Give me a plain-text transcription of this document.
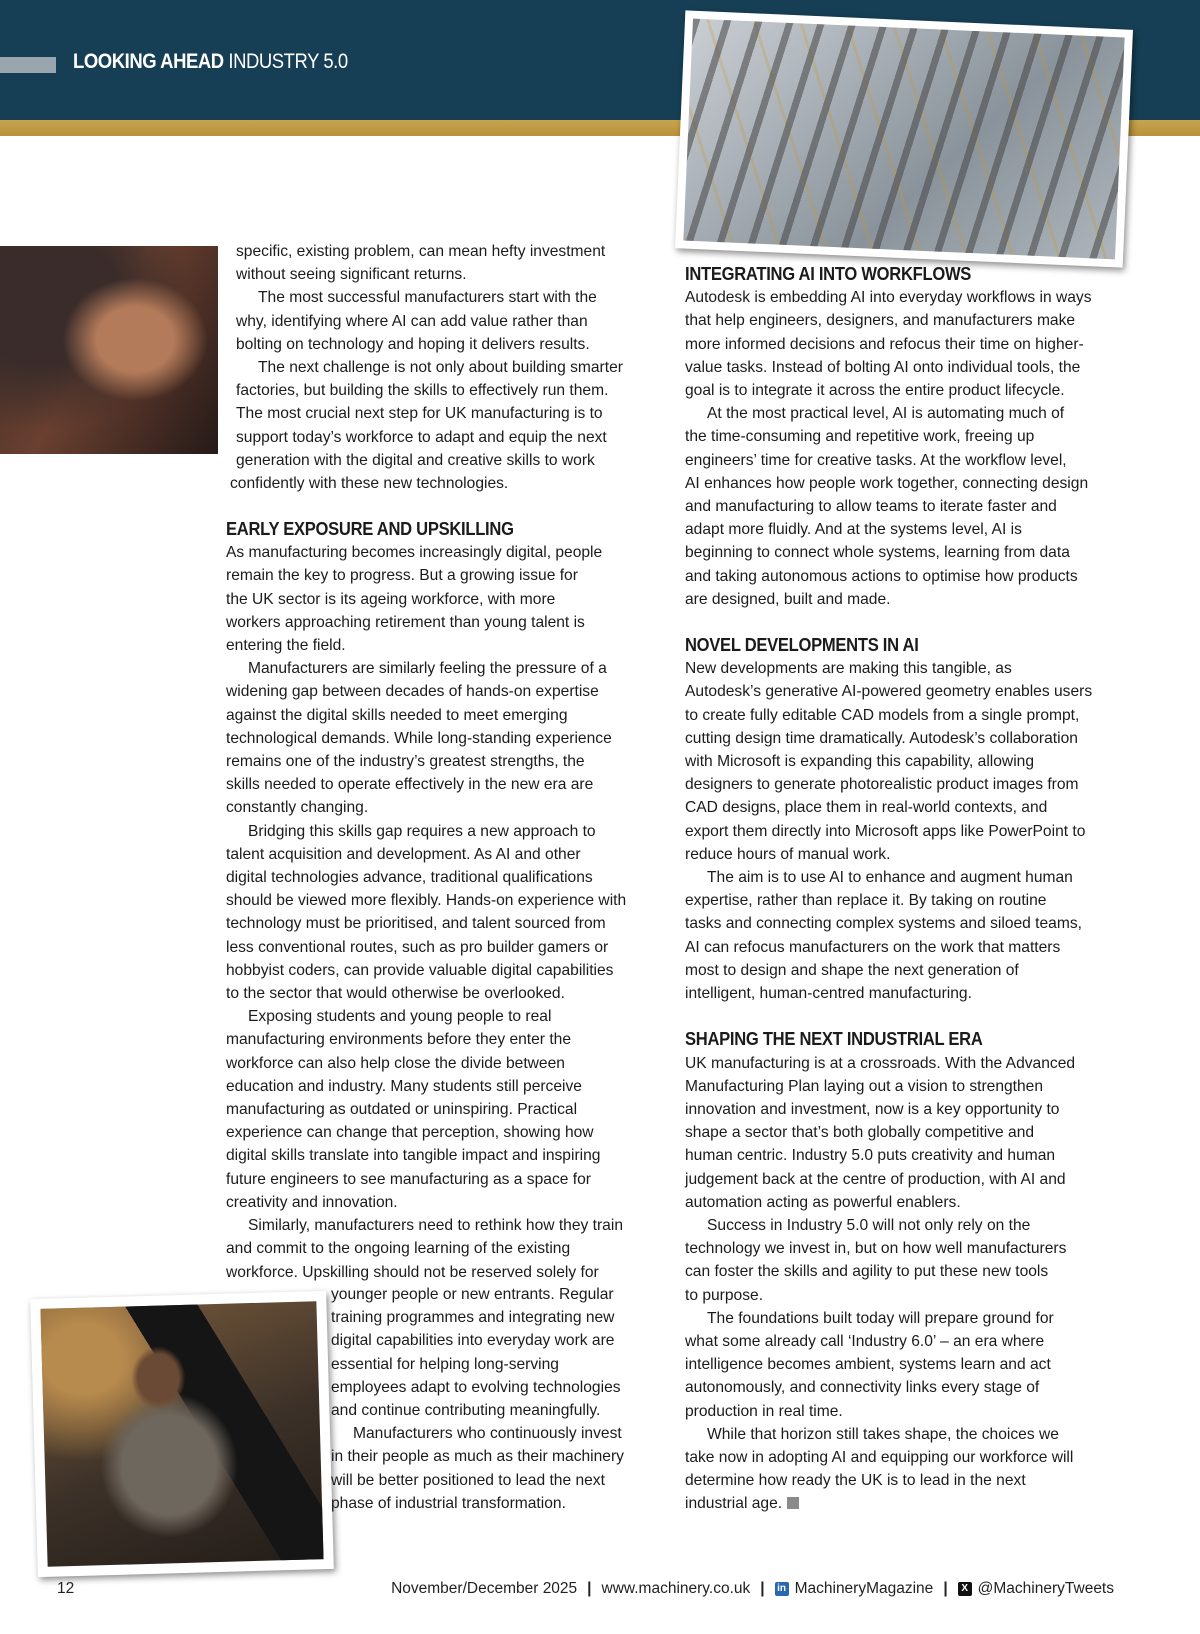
LOOKING AHEAD INDUSTRY 5.0

specific, existing problem, can mean hefty investment

without seeing significant returns.

The most successful manufacturers start with the

why, identifying where AI can add value rather than

bolting on technology and hoping it delivers results.

The next challenge is not only about building smarter

factories, but building the skills to effectively run them.

The most crucial next step for UK manufacturing is to

support today’s workforce to adapt and equip the next

generation with the digital and creative skills to work

confidently with these new technologies.

EARLY EXPOSURE AND UPSKILLING

As manufacturing becomes increasingly digital, people

remain the key to progress. But a growing issue for

the UK sector is its ageing workforce, with more

workers approaching retirement than young talent is

entering the field.

Manufacturers are similarly feeling the pressure of a

widening gap between decades of hands-on expertise

against the digital skills needed to meet emerging

technological demands. While long-standing experience

remains one of the industry’s greatest strengths, the

skills needed to operate effectively in the new era are

constantly changing.

Bridging this skills gap requires a new approach to

talent acquisition and development. As AI and other

digital technologies advance, traditional qualifications

should be viewed more flexibly. Hands-on experience with

technology must be prioritised, and talent sourced from

less conventional routes, such as pro builder gamers or

hobbyist coders, can provide valuable digital capabilities

to the sector that would otherwise be overlooked.

Exposing students and young people to real

manufacturing environments before they enter the

workforce can also help close the divide between

education and industry. Many students still perceive

manufacturing as outdated or uninspiring. Practical

experience can change that perception, showing how

digital skills translate into tangible impact and inspiring

future engineers to see manufacturing as a space for

creativity and innovation.

Similarly, manufacturers need to rethink how they train

and commit to the ongoing learning of the existing

workforce. Upskilling should not be reserved solely for

younger people or new entrants. Regular

training programmes and integrating new

digital capabilities into everyday work are

essential for helping long-serving

employees adapt to evolving technologies

and continue contributing meaningfully.

Manufacturers who continuously invest

in their people as much as their machinery

will be better positioned to lead the next

phase of industrial transformation.

INTEGRATING AI INTO WORKFLOWS

Autodesk is embedding AI into everyday workflows in ways

that help engineers, designers, and manufacturers make

more informed decisions and refocus their time on higher-

value tasks. Instead of bolting AI onto individual tools, the

goal is to integrate it across the entire product lifecycle.

At the most practical level, AI is automating much of

the time-consuming and repetitive work, freeing up

engineers’ time for creative tasks. At the workflow level,

AI enhances how people work together, connecting design

and manufacturing to allow teams to iterate faster and

adapt more fluidly. And at the systems level, AI is

beginning to connect whole systems, learning from data

and taking autonomous actions to optimise how products

are designed, built and made.

NOVEL DEVELOPMENTS IN AI

New developments are making this tangible, as

Autodesk’s generative AI-powered geometry enables users

to create fully editable CAD models from a single prompt,

cutting design time dramatically. Autodesk’s collaboration

with Microsoft is expanding this capability, allowing

designers to generate photorealistic product images from

CAD designs, place them in real-world contexts, and

export them directly into Microsoft apps like PowerPoint to

reduce hours of manual work.

The aim is to use AI to enhance and augment human

expertise, rather than replace it. By taking on routine

tasks and connecting complex systems and siloed teams,

AI can refocus manufacturers on the work that matters

most to design and shape the next generation of

intelligent, human-centred manufacturing.

SHAPING THE NEXT INDUSTRIAL ERA

UK manufacturing is at a crossroads. With the Advanced

Manufacturing Plan laying out a vision to strengthen

innovation and investment, now is a key opportunity to

shape a sector that’s both globally competitive and

human centric. Industry 5.0 puts creativity and human

judgement back at the centre of production, with AI and

automation acting as powerful enablers.

Success in Industry 5.0 will not only rely on the

technology we invest in, but on how well manufacturers

can foster the skills and agility to put these new tools

to purpose.

The foundations built today will prepare ground for

what some already call ‘Industry 6.0’ – an era where

intelligence becomes ambient, systems learn and act

autonomously, and connectivity links every stage of

production in real time.

While that horizon still takes shape, the choices we

take now in adopting AI and equipping our workforce will

determine how ready the UK is to lead in the next

industrial age.

12	November/December 2025 | www.machinery.co.uk | in MachineryMagazine |	X @MachineryTweets
